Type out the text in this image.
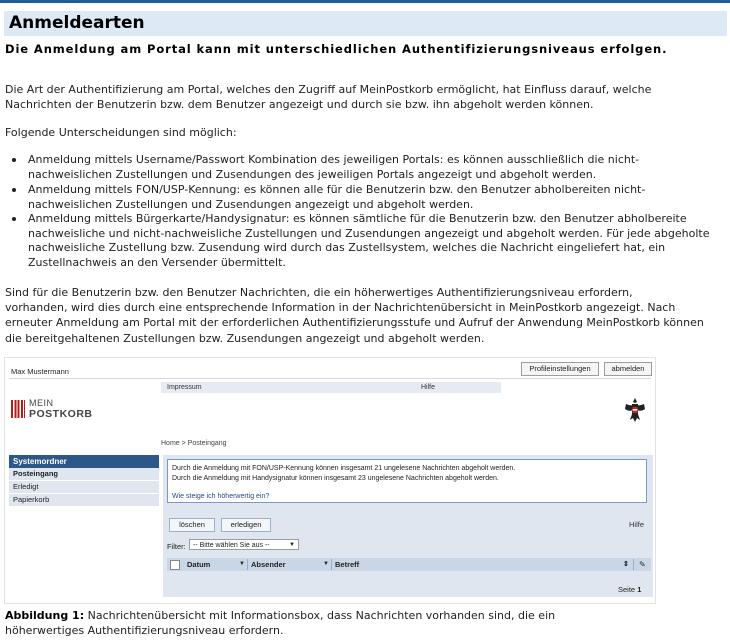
Anmeldearten
Die Anmeldung am Portal kann mit unterschiedlichen Authentifizierungsniveaus erfolgen.
Die Art der Authentifizierung am Portal, welches den Zugriff auf MeinPostkorb ermöglicht, hat Einfluss darauf, welche
Nachrichten der Benutzerin bzw. dem Benutzer angezeigt und durch sie bzw. ihn abgeholt werden können.
Folgende Unterscheidungen sind möglich:
Anmeldung mittels Username/Passwort Kombination des jeweiligen Portals: es können ausschließlich die nicht-
nachweislichen Zustellungen und Zusendungen des jeweiligen Portals angezeigt und abgeholt werden.
Anmeldung mittels FON/USP-Kennung: es können alle für die Benutzerin bzw. den Benutzer abholbereiten nicht-
nachweislichen Zustellungen und Zusendungen angezeigt und abgeholt werden.
Anmeldung mittels Bürgerkarte/Handysignatur: es können sämtliche für die Benutzerin bzw. den Benutzer abholbereite
nachweisliche und nicht-nachweisliche Zustellungen und Zusendungen angezeigt und abgeholt werden. Für jede abgeholte
nachweisliche Zustellung bzw. Zusendung wird durch das Zustellsystem, welches die Nachricht eingeliefert hat, ein
Zustellnachweis an den Versender übermittelt.
Sind für die Benutzerin bzw. den Benutzer Nachrichten, die ein höherwertiges Authentifizierungsniveau erfordern,
vorhanden, wird dies durch eine entsprechende Information in der Nachrichtenübersicht in MeinPostkorb angezeigt. Nach
erneuter Anmeldung am Portal mit der erforderlichen Authentifizierungsstufe und Aufruf der Anwendung MeinPostkorb können
die bereitgehaltenen Zustellungen bzw. Zusendungen angezeigt und abgeholt werden.
Max Mustermann	Profileinstellungen	abmelden
Impressum	Hilfe
MEIN
POSTKORB
Home > Posteingang
Systemordner
Posteingang
Erledigt
Papierkorb
Durch die Anmeldung mit FON/USP-Kennung können insgesamt 21 ungelesene Nachrichten abgeholt werden.
Durch die Anmeldung mit Handysignatur können insgesamt 23 ungelesene Nachrichten abgeholt werden.
Wie steige ich höherwertig ein?
löschen	erledigen	Hilfe
Filter:	-- Bitte wählen Sie aus --	▼
Datum	▼ Absender	▼ Betreff	⇕ ✎
Seite 1
Abbildung 1: Nachrichtenübersicht mit Informationsbox, dass Nachrichten vorhanden sind, die ein
höherwertiges Authentifizierungsniveau erfordern.
